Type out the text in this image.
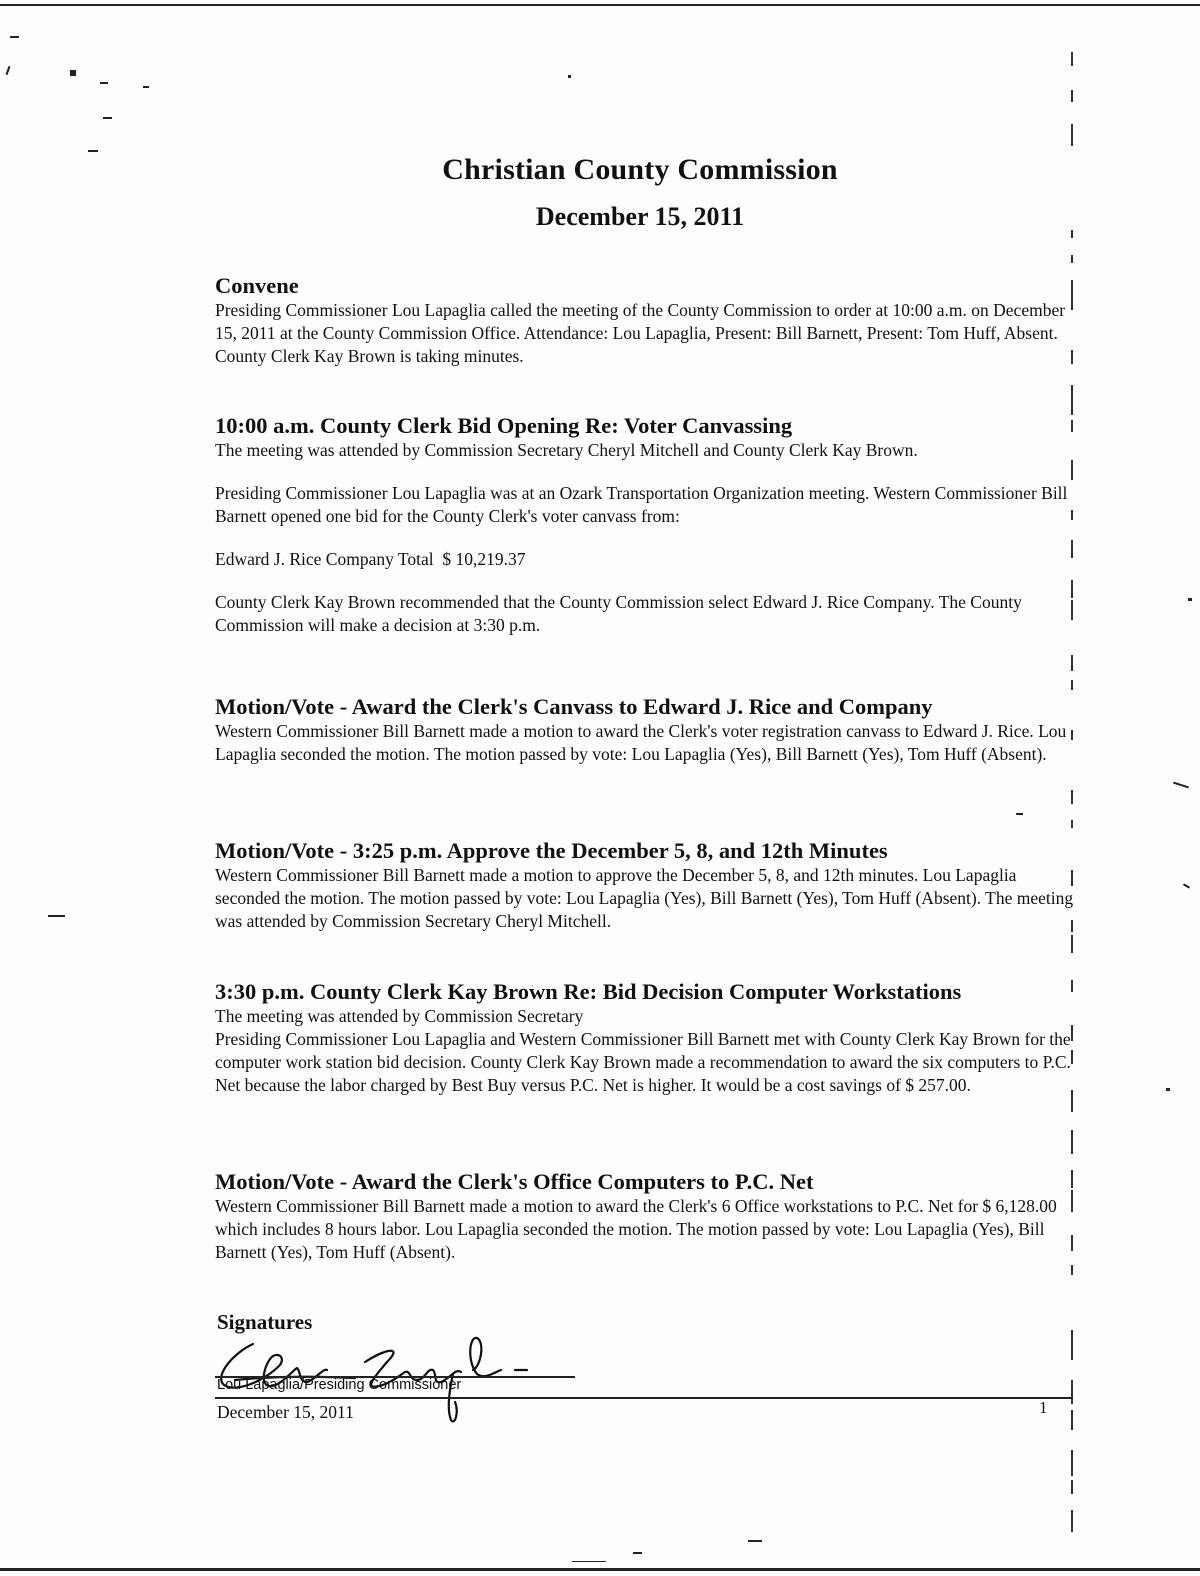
Christian County Commission
December 15, 2011
Convene

Presiding Commissioner Lou Lapaglia called the meeting of the County Commission to order at 10:00 a.m. on December 15, 2011 at the County Commission Office. Attendance: Lou Lapaglia, Present: Bill Barnett, Present: Tom Huff, Absent. County Clerk Kay Brown is taking minutes.

10:00 a.m. County Clerk Bid Opening Re: Voter Canvassing

The meeting was attended by Commission Secretary Cheryl Mitchell and County Clerk Kay Brown.

Presiding Commissioner Lou Lapaglia was at an Ozark Transportation Organization meeting. Western Commissioner Bill Barnett opened one bid for the County Clerk's voter canvass from:

Edward J. Rice Company Total  $ 10,219.37

County Clerk Kay Brown recommended that the County Commission select Edward J. Rice Company. The County Commission will make a decision at 3:30 p.m.

Motion/Vote - Award the Clerk's Canvass to Edward J. Rice and Company

Western Commissioner Bill Barnett made a motion to award the Clerk's voter registration canvass to Edward J. Rice. Lou Lapaglia seconded the motion. The motion passed by vote: Lou Lapaglia (Yes), Bill Barnett (Yes), Tom Huff (Absent).

Motion/Vote - 3:25 p.m. Approve the December 5, 8, and 12th Minutes

Western Commissioner Bill Barnett made a motion to approve the December 5, 8, and 12th minutes. Lou Lapaglia seconded the motion. The motion passed by vote: Lou Lapaglia (Yes), Bill Barnett (Yes), Tom Huff (Absent). The meeting was attended by Commission Secretary Cheryl Mitchell.

3:30 p.m. County Clerk Kay Brown Re: Bid Decision Computer Workstations

The meeting was attended by Commission Secretary

Presiding Commissioner Lou Lapaglia and Western Commissioner Bill Barnett met with County Clerk Kay Brown for the computer work station bid decision. County Clerk Kay Brown made a recommendation to award the six computers to P.C. Net because the labor charged by Best Buy versus P.C. Net is higher. It would be a cost savings of $ 257.00.

Motion/Vote - Award the Clerk's Office Computers to P.C. Net

Western Commissioner Bill Barnett made a motion to award the Clerk's 6 Office workstations to P.C. Net for $ 6,128.00 which includes 8 hours labor. Lou Lapaglia seconded the motion. The motion passed by vote: Lou Lapaglia (Yes), Bill Barnett (Yes), Tom Huff (Absent).

Signatures
Lou Lapaglia/Presiding Commissioner
December 15, 2011	1
